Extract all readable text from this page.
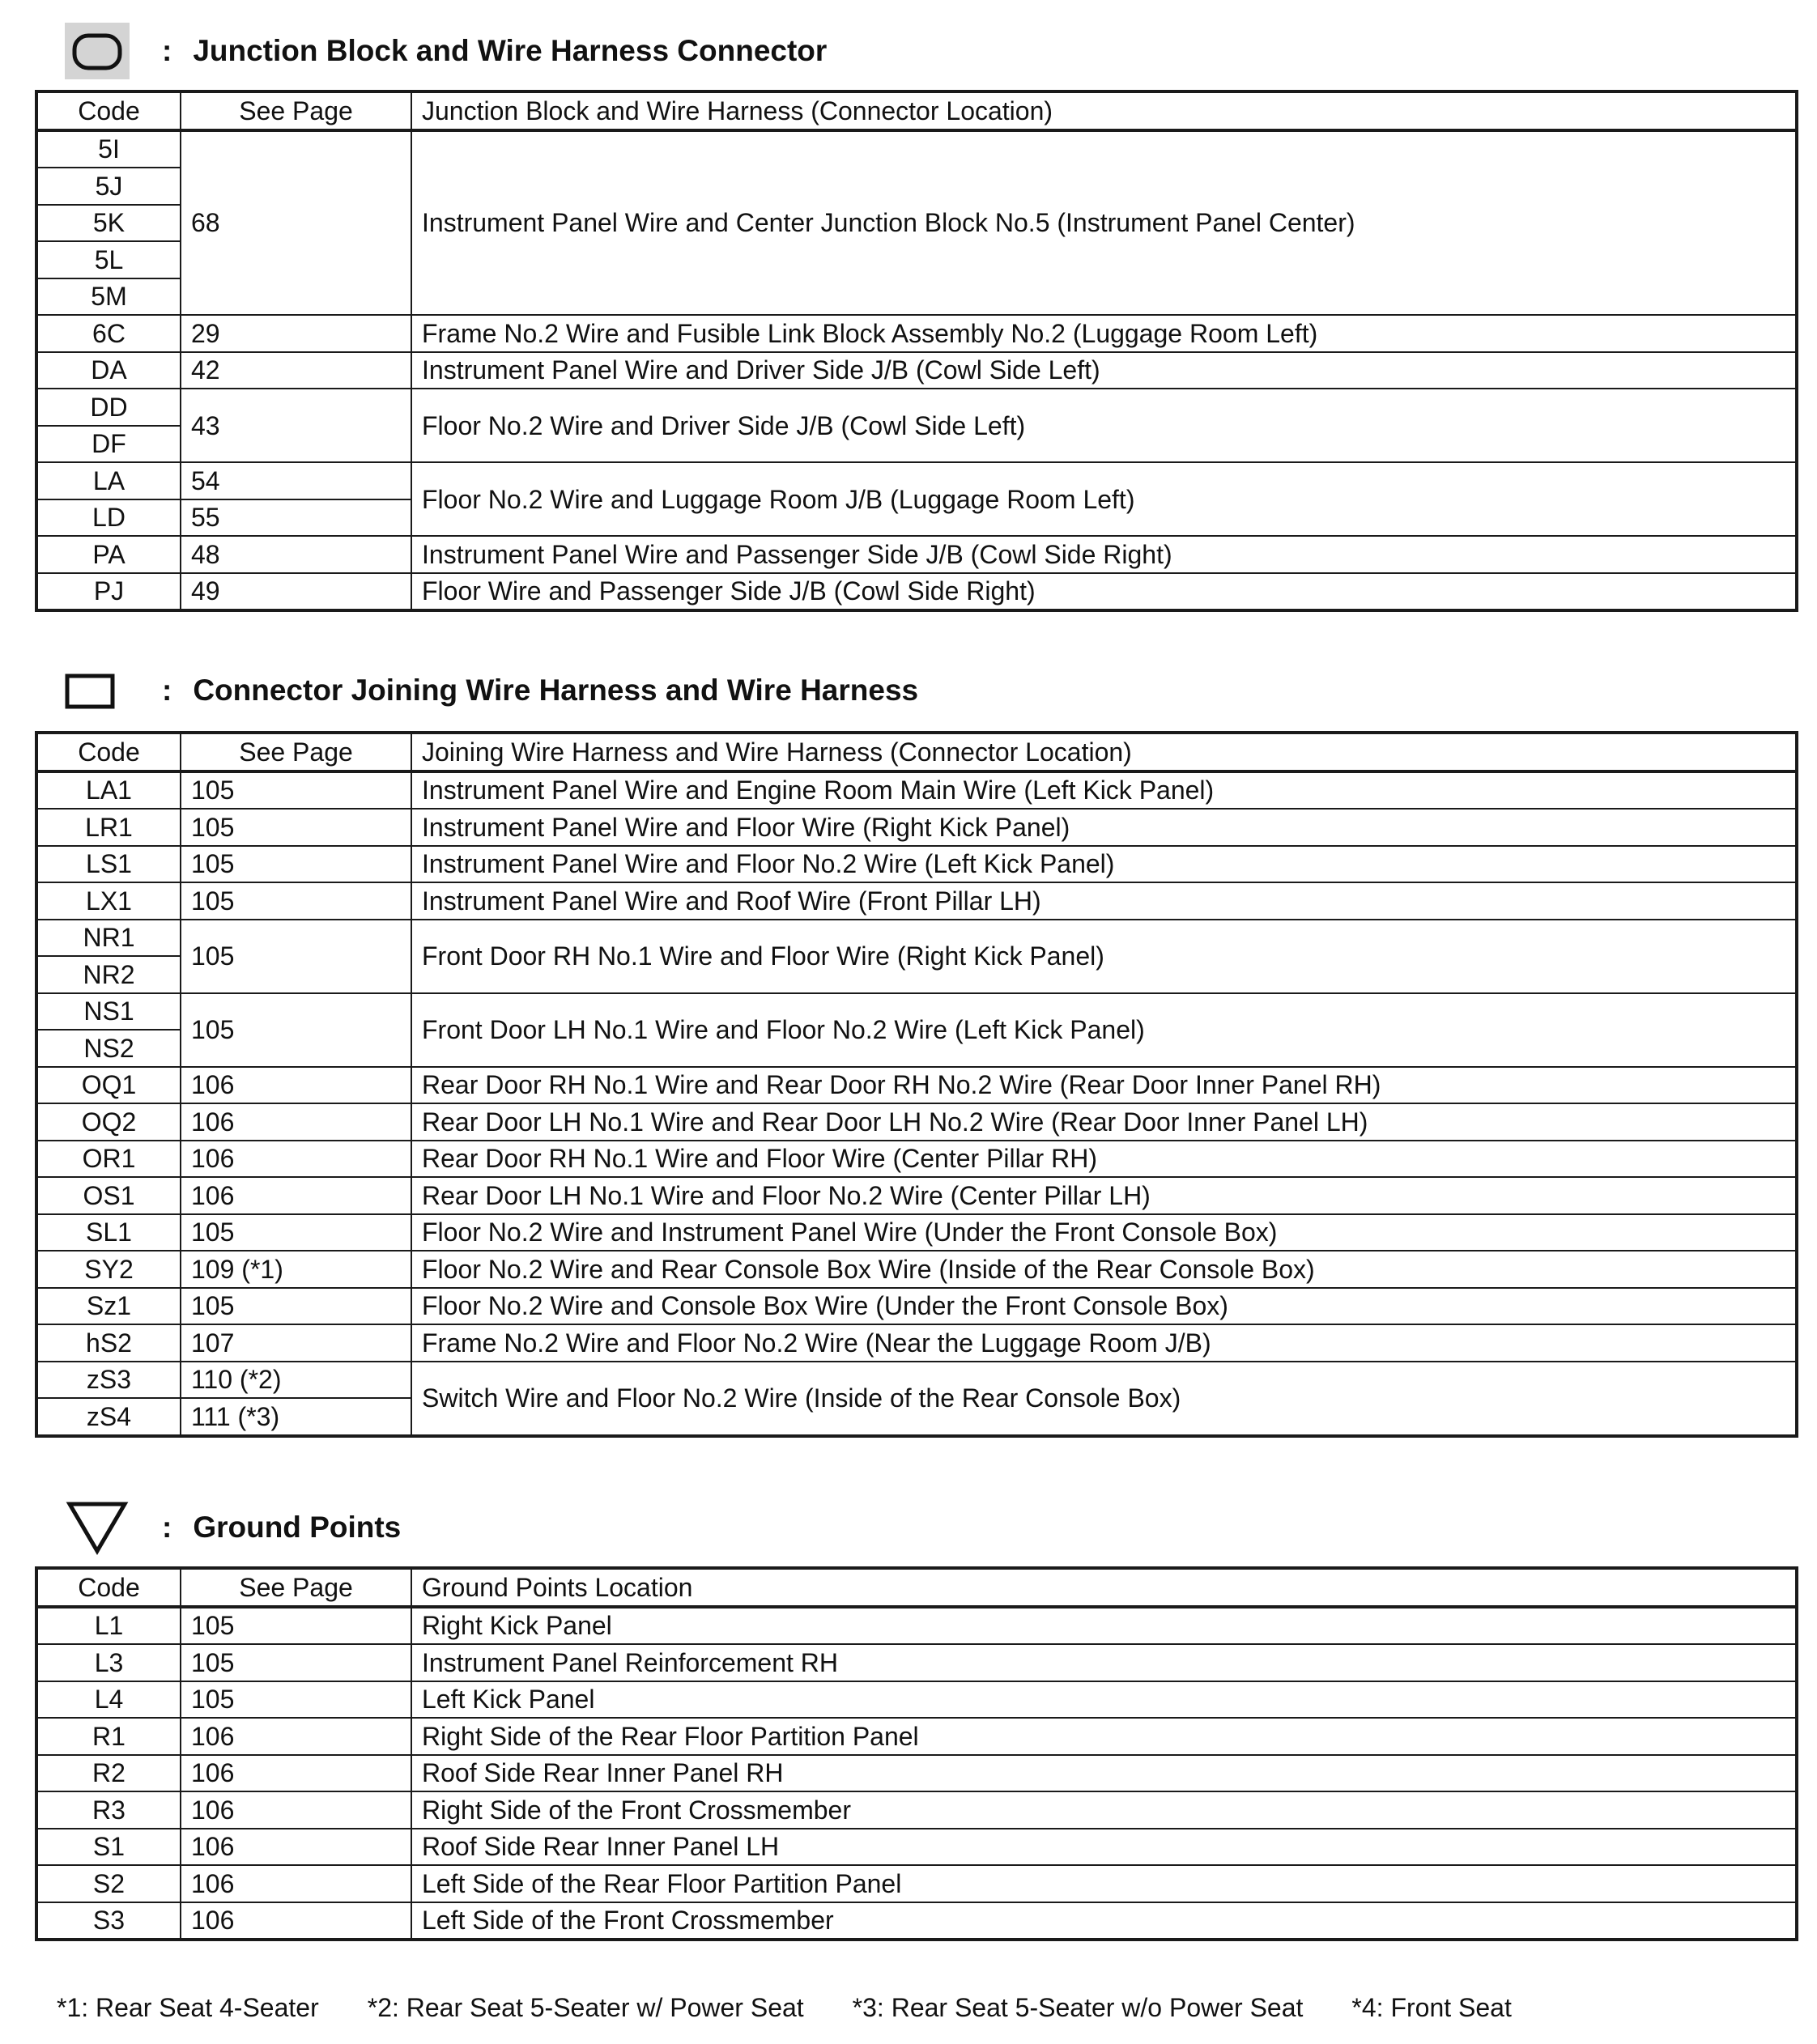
: Junction Block and Wire Harness Connector
Code	See Page	Junction Block and Wire Harness (Connector Location)
5I	68	Instrument Panel Wire and Center Junction Block No.5 (Instrument Panel Center)
5J		
5K		
5L		
5M		
6C	29	Frame No.2 Wire and Fusible Link Block Assembly No.2 (Luggage Room Left)
DA	42	Instrument Panel Wire and Driver Side J/B (Cowl Side Left)
DD	43	Floor No.2 Wire and Driver Side J/B (Cowl Side Left)
DF		
LA	54	Floor No.2 Wire and Luggage Room J/B (Luggage Room Left)
LD	55	
PA	48	Instrument Panel Wire and Passenger Side J/B (Cowl Side Right)
PJ	49	Floor Wire and Passenger Side J/B (Cowl Side Right)
: Connector Joining Wire Harness and Wire Harness
Code	See Page	Joining Wire Harness and Wire Harness (Connector Location)
LA1	105	Instrument Panel Wire and Engine Room Main Wire (Left Kick Panel)
LR1	105	Instrument Panel Wire and Floor Wire (Right Kick Panel)
LS1	105	Instrument Panel Wire and Floor No.2 Wire (Left Kick Panel)
LX1	105	Instrument Panel Wire and Roof Wire (Front Pillar LH)
NR1	105	Front Door RH No.1 Wire and Floor Wire (Right Kick Panel)
NR2		
NS1	105	Front Door LH No.1 Wire and Floor No.2 Wire (Left Kick Panel)
NS2		
OQ1	106	Rear Door RH No.1 Wire and Rear Door RH No.2 Wire (Rear Door Inner Panel RH)
OQ2	106	Rear Door LH No.1 Wire and Rear Door LH No.2 Wire (Rear Door Inner Panel LH)
OR1	106	Rear Door RH No.1 Wire and Floor Wire (Center Pillar RH)
OS1	106	Rear Door LH No.1 Wire and Floor No.2 Wire (Center Pillar LH)
SL1	105	Floor No.2 Wire and Instrument Panel Wire (Under the Front Console Box)
SY2	109 (*1)	Floor No.2 Wire and Rear Console Box Wire (Inside of the Rear Console Box)
Sz1	105	Floor No.2 Wire and Console Box Wire (Under the Front Console Box)
hS2	107	Frame No.2 Wire and Floor No.2 Wire (Near the Luggage Room J/B)
zS3	110 (*2)	Switch Wire and Floor No.2 Wire (Inside of the Rear Console Box)
zS4	111 (*3)	
: Ground Points
Code	See Page	Ground Points Location
L1	105	Right Kick Panel
L3	105	Instrument Panel Reinforcement RH
L4	105	Left Kick Panel
R1	106	Right Side of the Rear Floor Partition Panel
R2	106	Roof Side Rear Inner Panel RH
R3	106	Right Side of the Front Crossmember
S1	106	Roof Side Rear Inner Panel LH
S2	106	Left Side of the Rear Floor Partition Panel
S3	106	Left Side of the Front Crossmember
*1: Rear Seat 4-Seater *2: Rear Seat 5-Seater w/ Power Seat *3: Rear Seat 5-Seater w/o Power Seat *4: Front Seat
